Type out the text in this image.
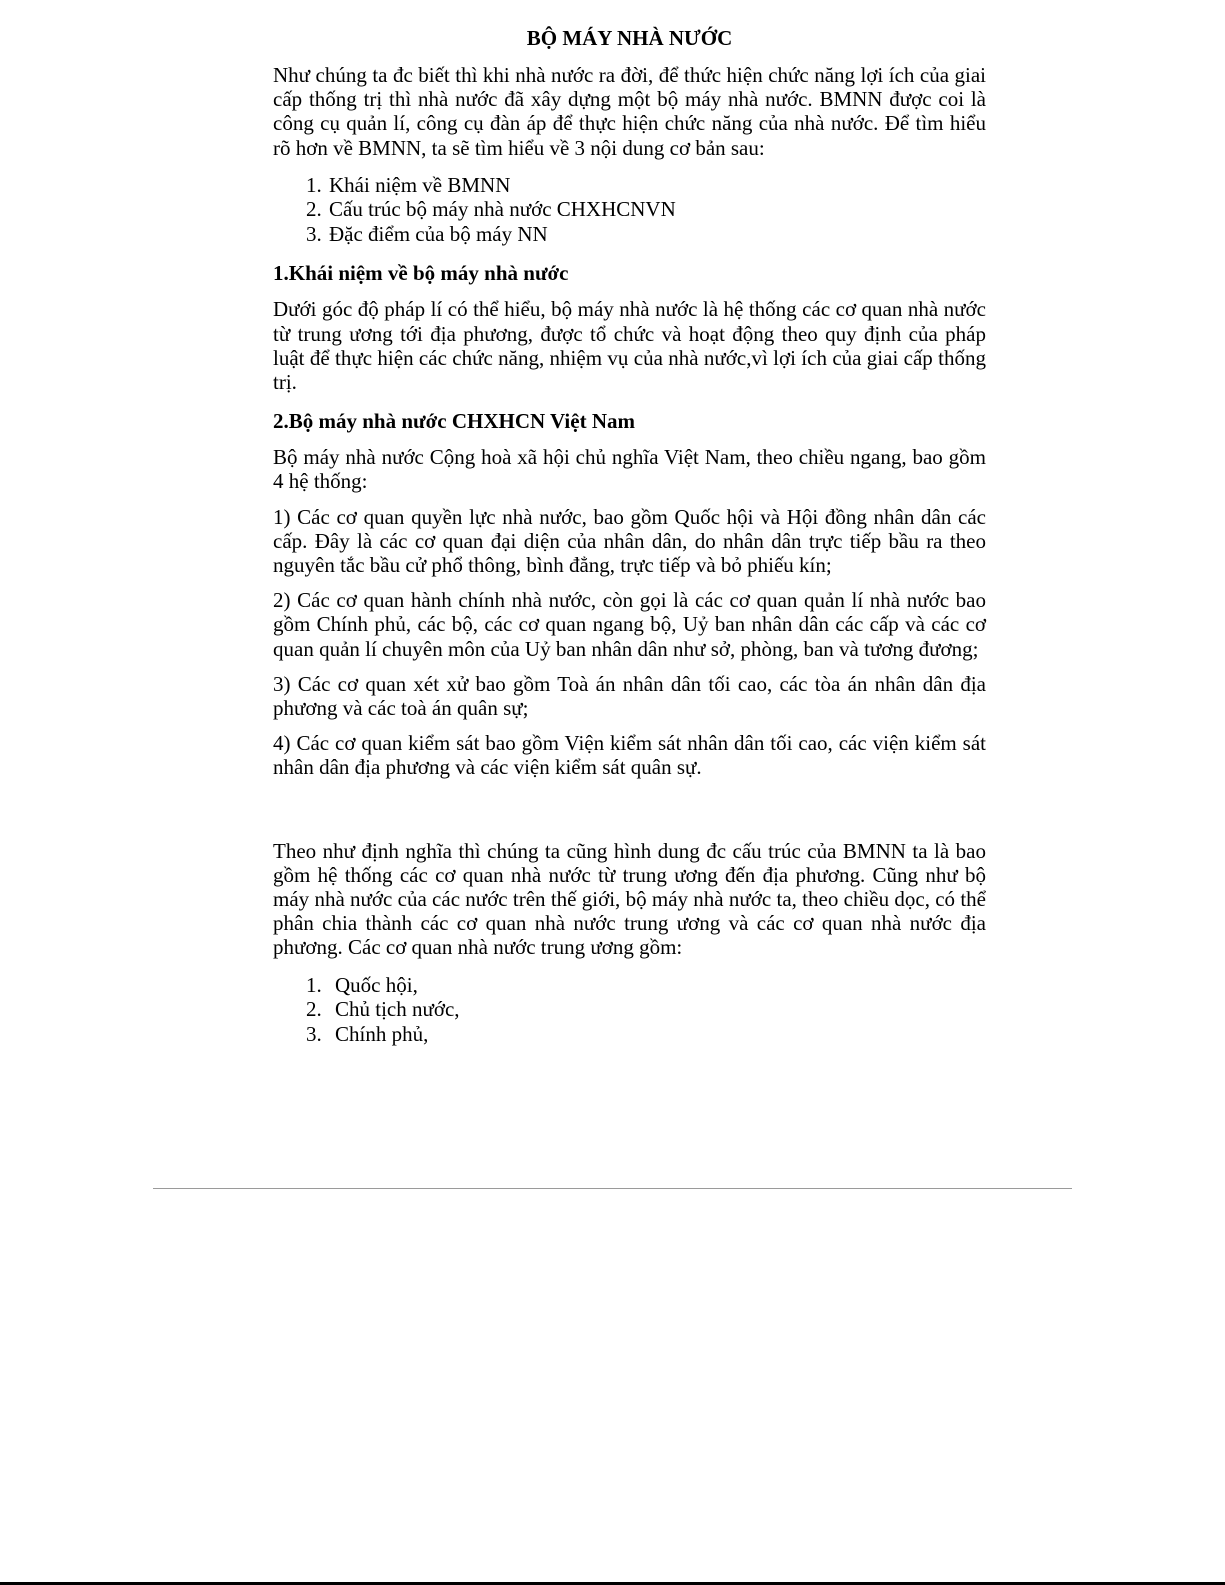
BỘ MÁY NHÀ NƯỚC

Như chúng ta đc biết thì khi nhà nước ra đời, để thức hiện chức năng lợi ích của giai cấp thống trị thì nhà nước đã xây dựng một bộ máy nhà nước. BMNN được coi là công cụ quản lí, công cụ đàn áp để thực hiện chức năng của nhà nước. Để tìm hiểu rõ hơn về BMNN, ta sẽ tìm hiểu về 3 nội dung cơ bản sau:

1. Khái niệm về BMNN
2. Cấu trúc bộ máy nhà nước CHXHCNVN
3. Đặc điểm của bộ máy NN
1.Khái niệm về bộ máy nhà nước

Dưới góc độ pháp lí có thể hiểu, bộ máy nhà nước là hệ thống các cơ quan nhà nước từ trung ương tới địa phương, được tổ chức và hoạt động theo quy định của pháp luật để thực hiện các chức năng, nhiệm vụ của nhà nước,vì lợi ích của giai cấp thống trị.

2.Bộ máy nhà nước CHXHCN Việt Nam

Bộ máy nhà nước Cộng hoà xã hội chủ nghĩa Việt Nam, theo chiều ngang, bao gồm 4 hệ thống:

1) Các cơ quan quyền lực nhà nước, bao gồm Quốc hội và Hội đồng nhân dân các cấp. Đây là các cơ quan đại diện của nhân dân, do nhân dân trực tiếp bầu ra theo nguyên tắc bầu cử phổ thông, bình đẳng, trực tiếp và bỏ phiếu kín;

2) Các cơ quan hành chính nhà nước, còn gọi là các cơ quan quản lí nhà nước bao gồm Chính phủ, các bộ, các cơ quan ngang bộ, Uỷ ban nhân dân các cấp và các cơ quan quản lí chuyên môn của Uỷ ban nhân dân như sở, phòng, ban và tương đương;

3) Các cơ quan xét xử bao gồm Toà án nhân dân tối cao, các tòa án nhân dân địa phương và các toà án quân sự;

4) Các cơ quan kiểm sát bao gồm Viện kiểm sát nhân dân tối cao, các viện kiểm sát nhân dân địa phương và các viện kiểm sát quân sự.

Theo như định nghĩa thì chúng ta cũng hình dung đc cấu trúc của BMNN ta là bao gồm hệ thống các cơ quan nhà nước từ trung ương đến địa phương. Cũng như bộ máy nhà nước của các nước trên thế giới, bộ máy nhà nước ta, theo chiều dọc, có thể phân chia thành các cơ quan nhà nước trung ương và các cơ quan nhà nước địa phương. Các cơ quan nhà nước trung ương gồm:

1. Quốc hội,
2. Chủ tịch nước,
3. Chính phủ,
